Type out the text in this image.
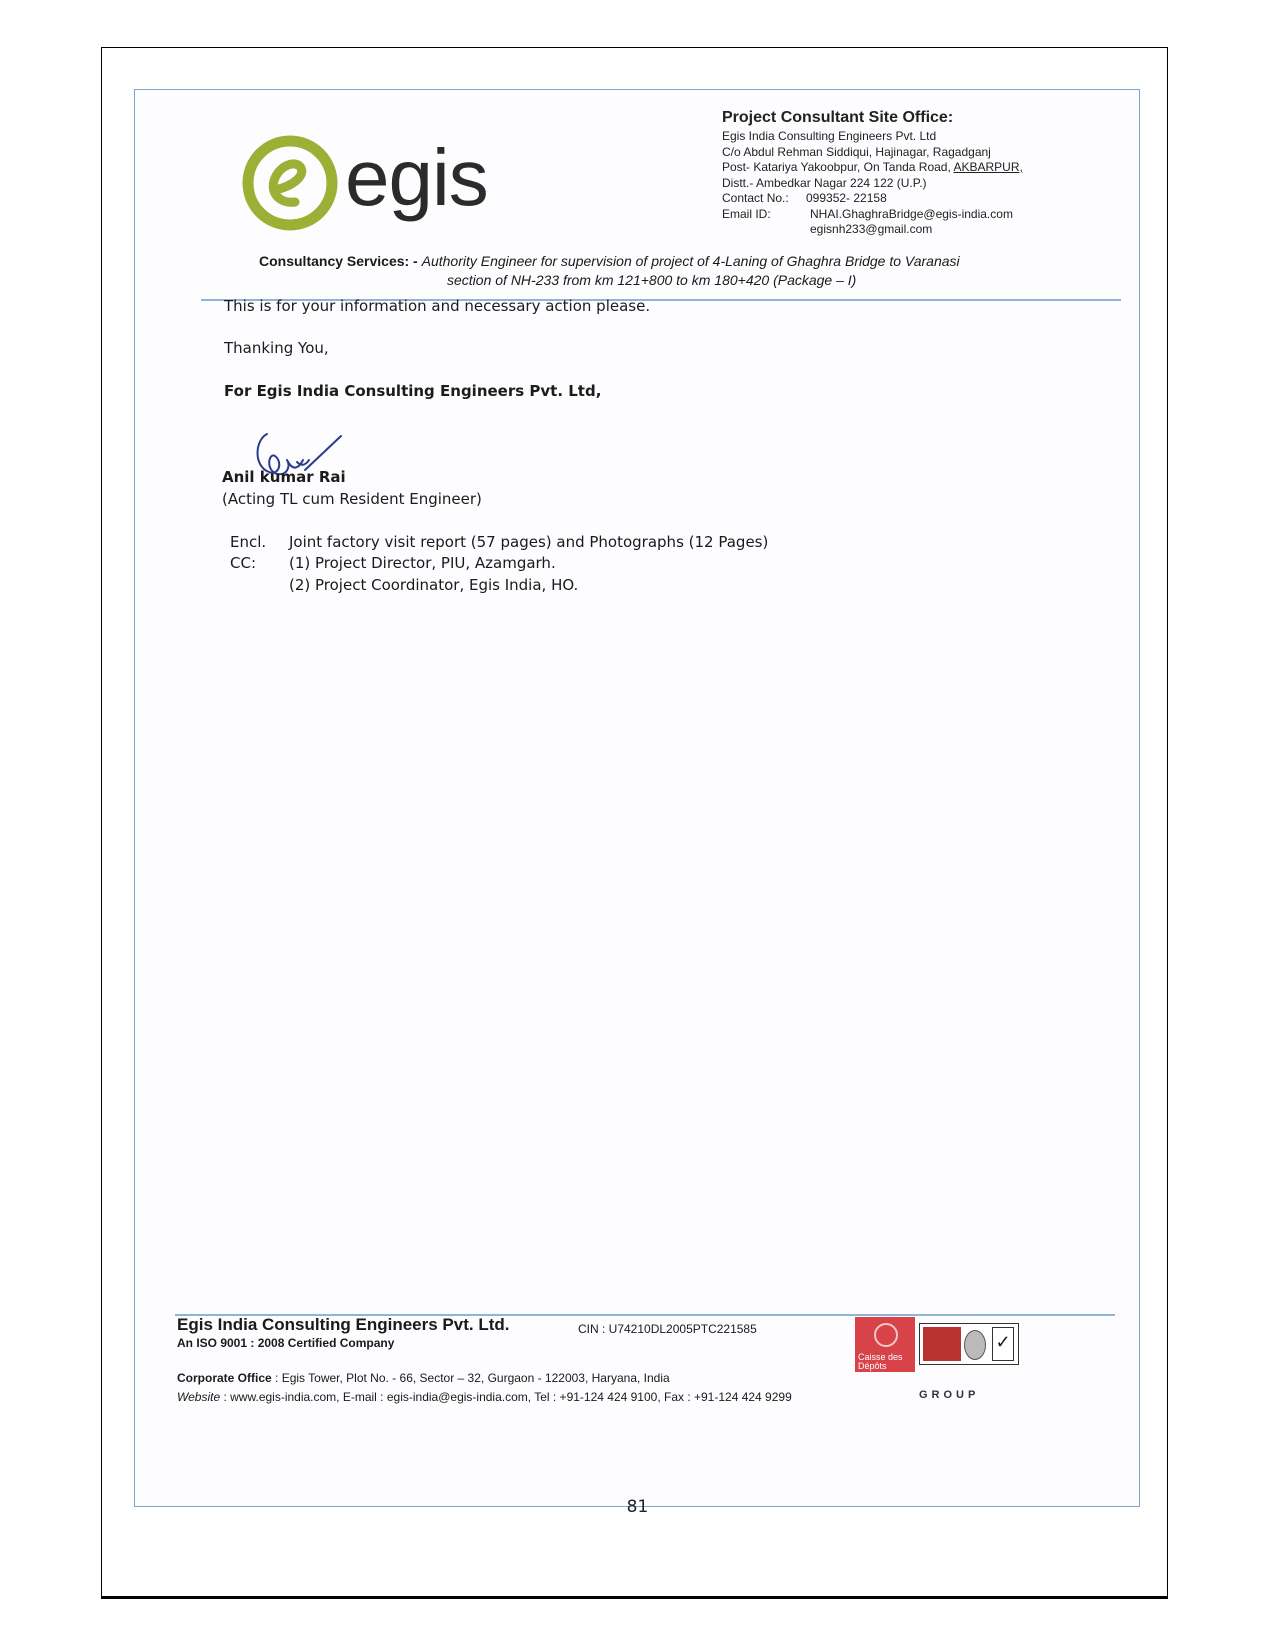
egis
Project Consultant Site Office:
Egis India Consulting Engineers Pvt. Ltd
C/o Abdul Rehman Siddiqui, Hajinagar, Ragadganj
Post- Katariya Yakoobpur, On Tanda Road, AKBARPUR,
Distt.- Ambedkar Nagar 224 122 (U.P.)
Contact No.:	099352- 22158
Email ID:	NHAI.GhaghraBridge@egis-india.com
egisnh233@gmail.com
Consultancy Services: - Authority Engineer for supervision of project of 4-Laning of Ghaghra Bridge to Varanasi
section of NH-233 from km 121+800 to km 180+420 (Package – I)
This is for your information and necessary action please.
Thanking You,
For Egis India Consulting Engineers Pvt. Ltd,
Anil kumar Rai
(Acting TL cum Resident Engineer)
Encl. Joint factory visit report (57 pages) and Photographs (12 Pages)
CC: (1) Project Director, PIU, Azamgarh.
(2) Project Coordinator, Egis India, HO.
Egis India Consulting Engineers Pvt. Ltd.
An ISO 9001 : 2008 Certified Company
CIN : U74210DL2005PTC221585
Caisse des Dépôts
✓
Corporate Office : Egis Tower, Plot No. - 66, Sector – 32, Gurgaon - 122003, Haryana, India
Website : www.egis-india.com, E-mail : egis-india@egis-india.com, Tel : +91-124 424 9100, Fax : +91-124 424 9299	GROUP
81
